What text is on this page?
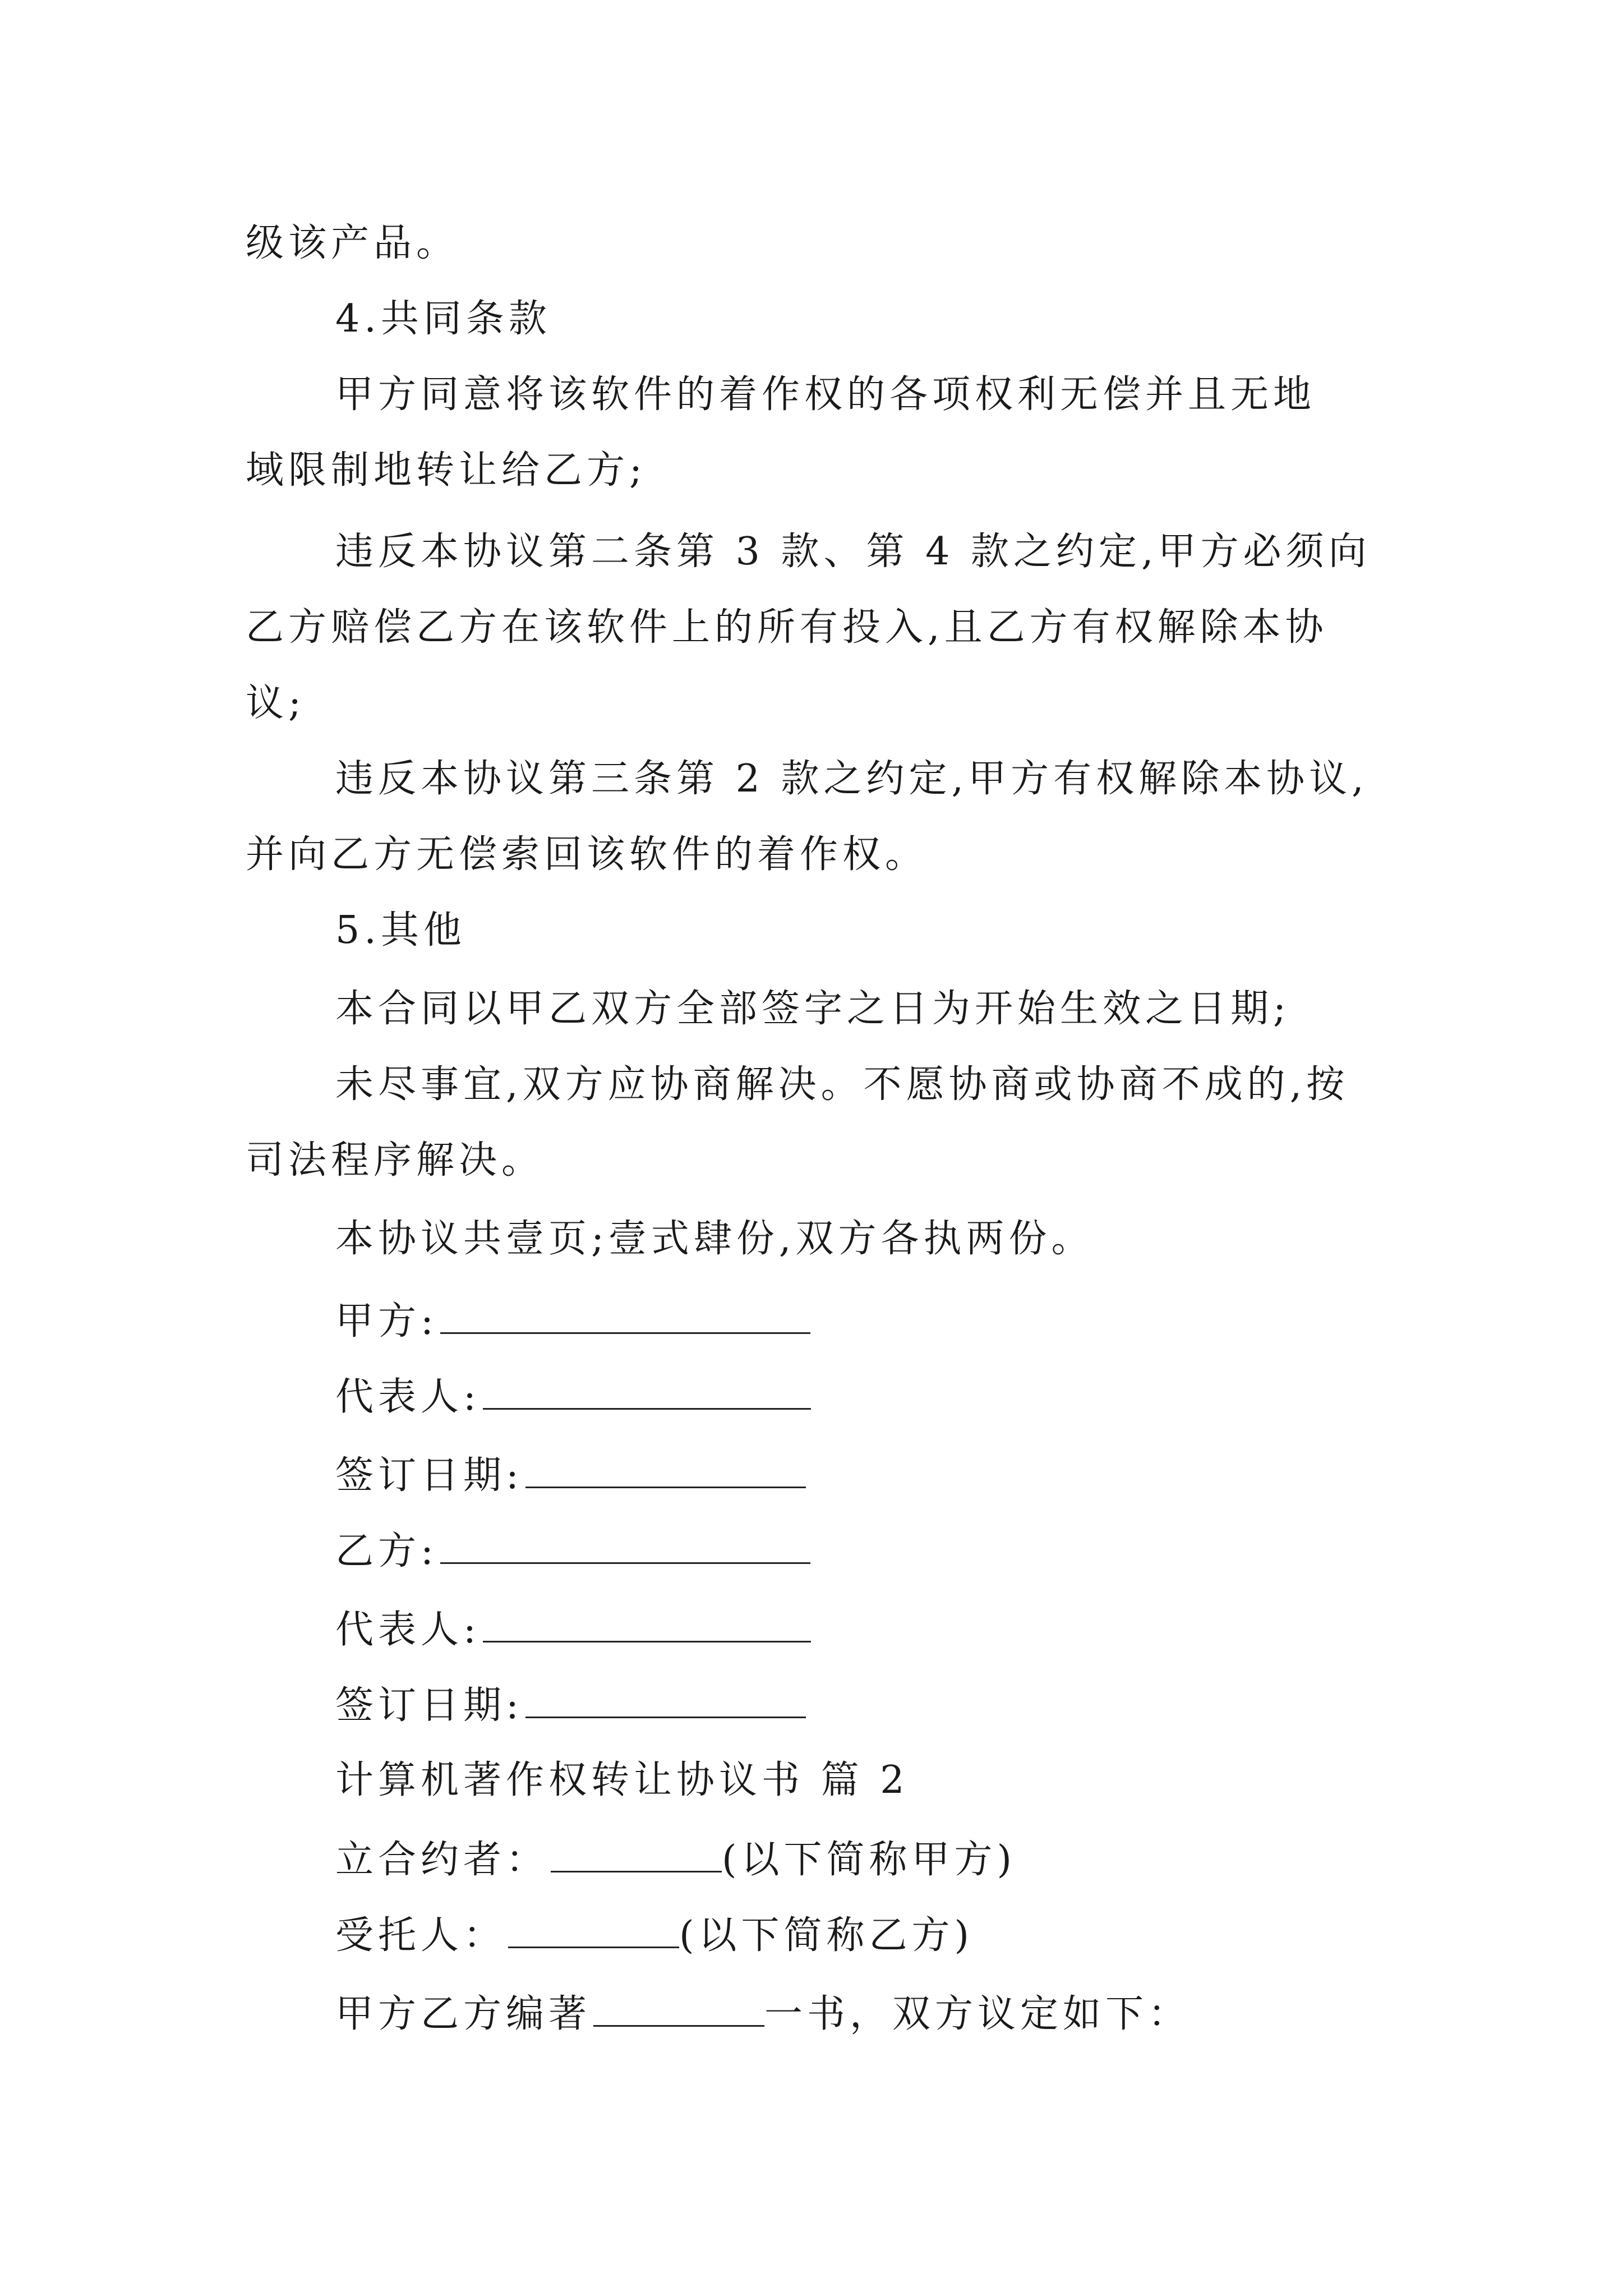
级该产品。
4.共同条款
甲方同意将该软件的着作权的各项权利无偿并且无地
域限制地转让给乙方;
违反本协议第二条第 3 款、第 4 款之约定,甲方必须向
乙方赔偿乙方在该软件上的所有投入,且乙方有权解除本协
议;
违反本协议第三条第 2 款之约定,甲方有权解除本协议,
并向乙方无偿索回该软件的着作权。
5.其他
本合同以甲乙双方全部签字之日为开始生效之日期;
未尽事宜,双方应协商解决。不愿协商或协商不成的,按
司法程序解决。
本协议共壹页;壹式肆份,双方各执两份。
甲方:
代表人:
签订日期:
乙方:
代表人:
签订日期:
计算机著作权转让协议书 篇 2
立合约者：	(以下简称甲方)
受托人：	(以下简称乙方)
甲方乙方编著	一书，双方议定如下：
